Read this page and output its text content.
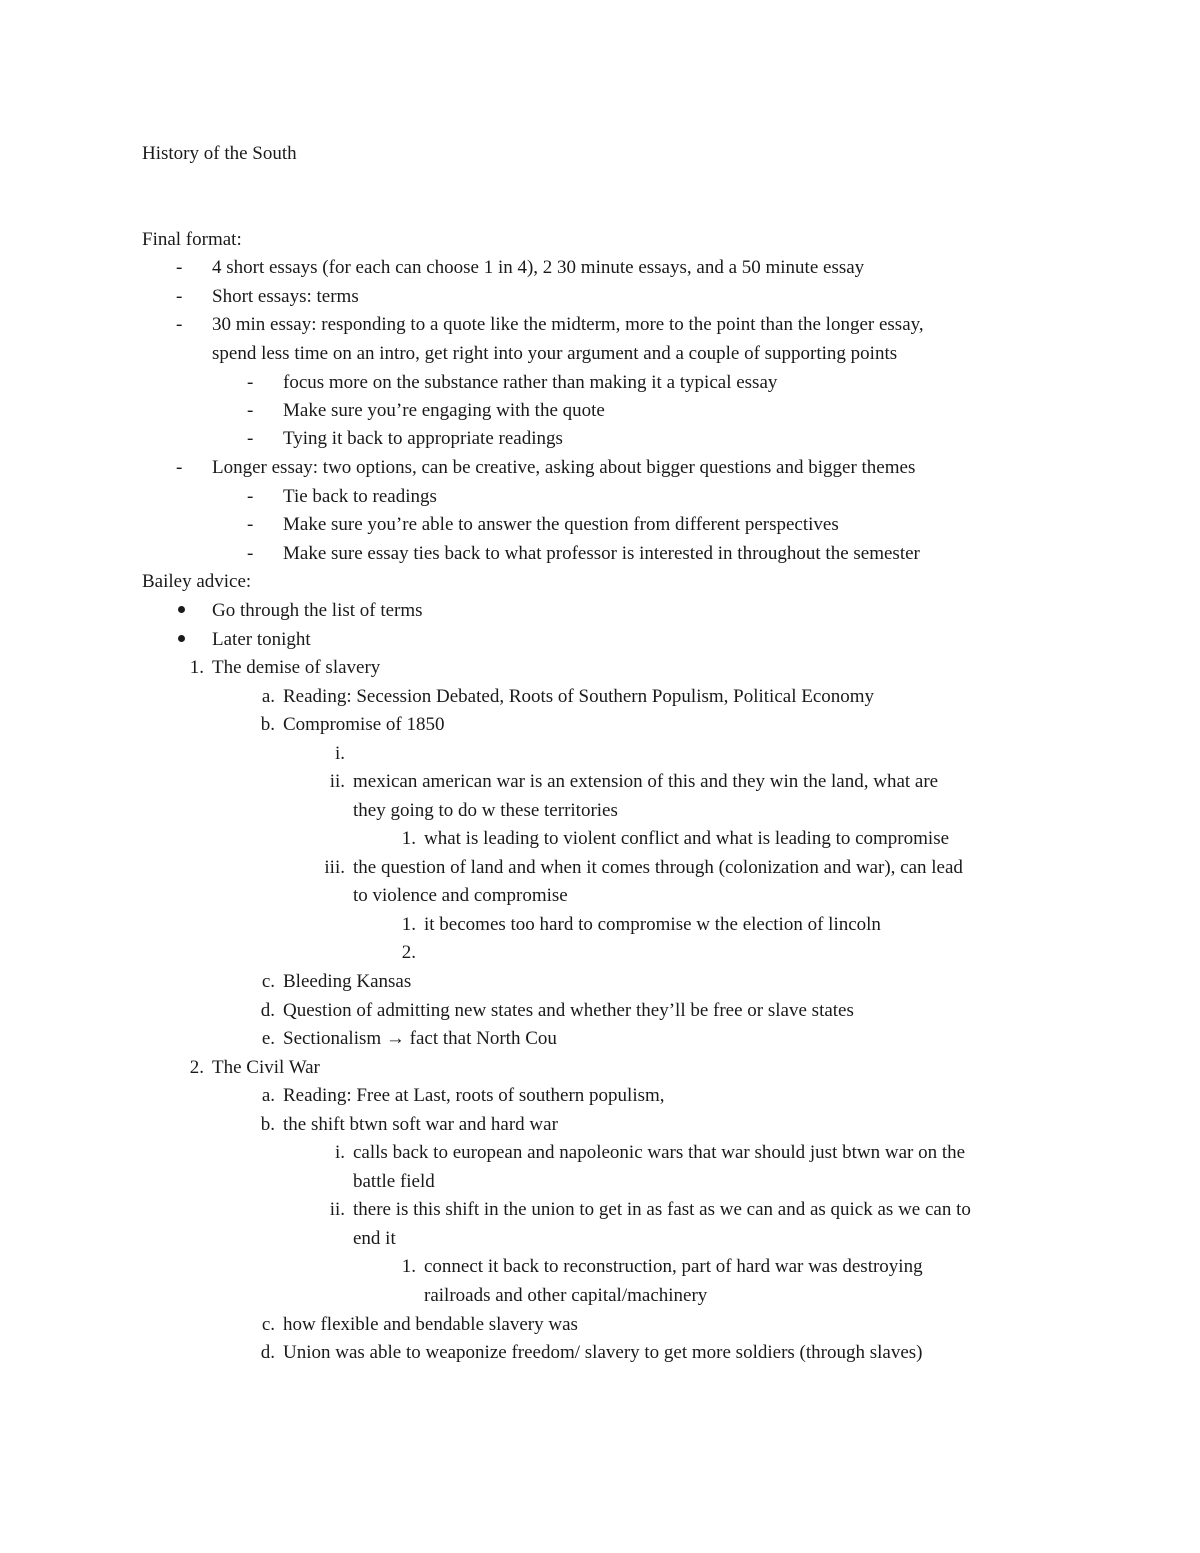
History of the South
Final format:
-	4 short essays (for each can choose 1 in 4), 2 30 minute essays, and a 50 minute essay
-	Short essays: terms
-	30 min essay: responding to a quote like the midterm, more to the point than the longer essay,
spend less time on an intro, get right into your argument and a couple of supporting points
-	focus more on the substance rather than making it a typical essay
-	Make sure you’re engaging with the quote
-	Tying it back to appropriate readings
-	Longer essay: two options, can be creative, asking about bigger questions and bigger themes
-	Tie back to readings
-	Make sure you’re able to answer the question from different perspectives
-	Make sure essay ties back to what professor is interested in throughout the semester
Bailey advice:
Go through the list of terms
Later tonight
1. The demise of slavery
a. Reading: Secession Debated, Roots of Southern Populism, Political Economy
b. Compromise of 1850
i.
ii. mexican american war is an extension of this and they win the land, what are
they going to do w these territories
1. what is leading to violent conflict and what is leading to compromise
iii. the question of land and when it comes through (colonization and war), can lead
to violence and compromise
1. it becomes too hard to compromise w the election of lincoln
2.
c. Bleeding Kansas
d. Question of admitting new states and whether they’ll be free or slave states
e. Sectionalism → fact that North Cou
2. The Civil War
a. Reading: Free at Last, roots of southern populism,
b. the shift btwn soft war and hard war
i. calls back to european and napoleonic wars that war should just btwn war on the
battle field
ii. there is this shift in the union to get in as fast as we can and as quick as we can to
end it
1. connect it back to reconstruction, part of hard war was destroying
railroads and other capital/machinery
c. how flexible and bendable slavery was
d. Union was able to weaponize freedom/ slavery to get more soldiers (through slaves)
